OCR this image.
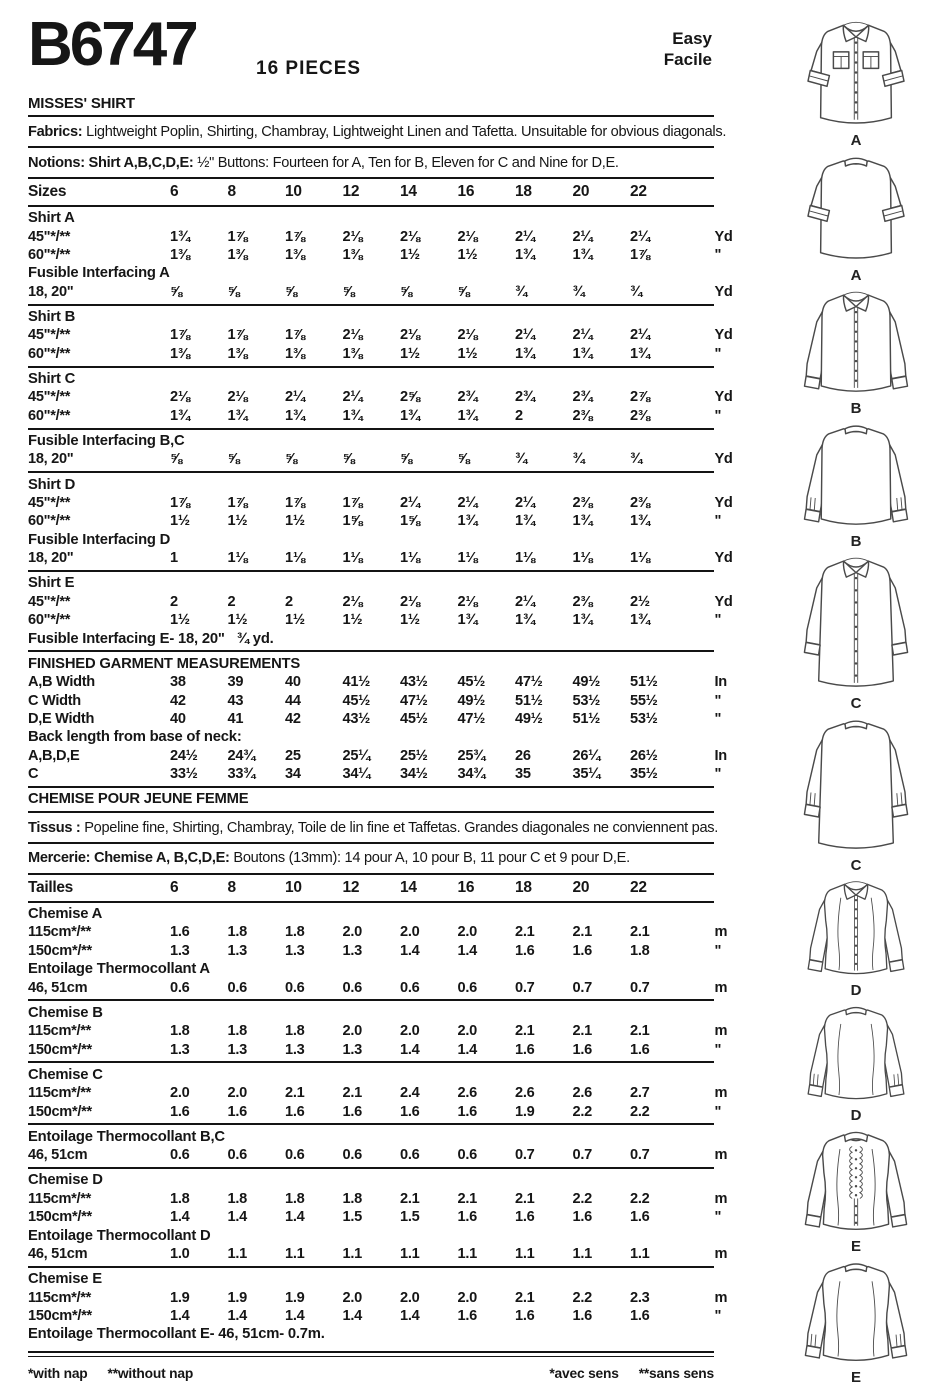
B6747	16 PIECES
Easy
Facile
MISSES' SHIRT
Fabrics: Lightweight Poplin, Shirting, Chambray, Lightweight Linen and Tafetta. Unsuitable for obvious diagonals.
Notions: Shirt A,B,C,D,E: ½" Buttons: Fourteen for A, Ten for B, Eleven for C and Nine for D,E.
Sizes	6	8	10	12	14	16	18	20	22
Shirt A
45"*/**	1¾	1⅞	1⅞	2⅛	2⅛	2⅛	2¼	2¼	2¼	Yd
60"*/**	1⅜	1⅜	1⅜	1⅜	1½	1½	1¾	1¾	1⅞	"
Fusible Interfacing A
18, 20"	⅝	⅝	⅝	⅝	⅝	⅝	¾	¾	¾	Yd
Shirt B
45"*/**	1⅞	1⅞	1⅞	2⅛	2⅛	2⅛	2¼	2¼	2¼	Yd
60"*/**	1⅜	1⅜	1⅜	1⅜	1½	1½	1¾	1¾	1¾	"
Shirt C
45"*/**	2⅛	2⅛	2¼	2¼	2⅝	2¾	2¾	2¾	2⅞	Yd
60"*/**	1¾	1¾	1¾	1¾	1¾	1¾	2	2⅜	2⅜	"
Fusible Interfacing B,C
18, 20"	⅝	⅝	⅝	⅝	⅝	⅝	¾	¾	¾	Yd
Shirt D
45"*/**	1⅞	1⅞	1⅞	1⅞	2¼	2¼	2¼	2⅜	2⅜	Yd
60"*/**	1½	1½	1½	1⅝	1⅝	1¾	1¾	1¾	1¾	"
Fusible Interfacing D
18, 20"	1	1⅛	1⅛	1⅛	1⅛	1⅛	1⅛	1⅛	1⅛	Yd
Shirt E
45"*/**	2	2	2	2⅛	2⅛	2⅛	2¼	2⅜	2½	Yd
60"*/**	1½	1½	1½	1½	1½	1¾	1¾	1¾	1¾	"
Fusible Interfacing E- 18, 20" ¾ yd.
FINISHED GARMENT MEASUREMENTS
A,B Width	38	39	40	41½	43½	45½	47½	49½	51½	In
C Width	42	43	44	45½	47½	49½	51½	53½	55½	"
D,E Width	40	41	42	43½	45½	47½	49½	51½	53½	"
Back length from base of neck:
A,B,D,E	24½	24¾	25	25¼	25½	25¾	26	26¼	26½	In
C	33½	33¾	34	34¼	34½	34¾	35	35¼	35½	"
CHEMISE POUR JEUNE FEMME
Tissus : Popeline fine, Shirting, Chambray, Toile de lin fine et Taffetas. Grandes diagonales ne conviennent pas.
Mercerie: Chemise A, B,C,D,E: Boutons (13mm): 14 pour A, 10 pour B, 11 pour C et 9 pour D,E.
Tailles	6	8	10	12	14	16	18	20	22
Chemise A
115cm*/**	1.6	1.8	1.8	2.0	2.0	2.0	2.1	2.1	2.1	m
150cm*/**	1.3	1.3	1.3	1.3	1.4	1.4	1.6	1.6	1.8	"
Entoilage Thermocollant A
46, 51cm	0.6	0.6	0.6	0.6	0.6	0.6	0.7	0.7	0.7	m
Chemise B
115cm*/**	1.8	1.8	1.8	2.0	2.0	2.0	2.1	2.1	2.1	m
150cm*/**	1.3	1.3	1.3	1.3	1.4	1.4	1.6	1.6	1.6	"
Chemise C
115cm*/**	2.0	2.0	2.1	2.1	2.4	2.6	2.6	2.6	2.7	m
150cm*/**	1.6	1.6	1.6	1.6	1.6	1.6	1.9	2.2	2.2	"
Entoilage Thermocollant B,C
46, 51cm	0.6	0.6	0.6	0.6	0.6	0.6	0.7	0.7	0.7	m
Chemise D
115cm*/**	1.8	1.8	1.8	1.8	2.1	2.1	2.1	2.2	2.2	m
150cm*/**	1.4	1.4	1.4	1.5	1.5	1.6	1.6	1.6	1.6	"
Entoilage Thermocollant D
46, 51cm	1.0	1.1	1.1	1.1	1.1	1.1	1.1	1.1	1.1	m
Chemise E
115cm*/**	1.9	1.9	1.9	2.0	2.0	2.0	2.1	2.2	2.3	m
150cm*/**	1.4	1.4	1.4	1.4	1.4	1.6	1.6	1.6	1.6	"
Entoilage Thermocollant E- 46, 51cm- 0.7m.
*with nap **without nap	*avec sens **sans sens
A
A
B
B
C
C
D
D
E
E
